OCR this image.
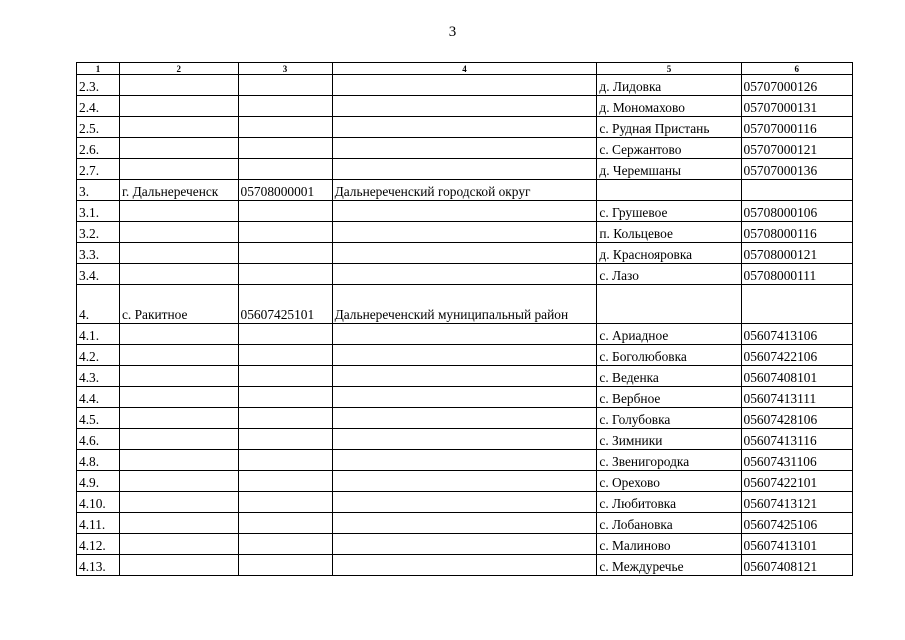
3
1	2	3	4	5	6
2.3.				д. Лидовка	05707000126
2.4.				д. Мономахово	05707000131
2.5.				с. Рудная Пристань	05707000116
2.6.				с. Сержантово	05707000121
2.7.				д. Черемшаны	05707000136
3.	г. Дальнереченск	05708000001	Дальнереченский городской округ		
3.1.				с. Грушевое	05708000106
3.2.				п. Кольцевое	05708000116
3.3.				д. Краснояровка	05708000121
3.4.				с. Лазо	05708000111
4.	с. Ракитное	05607425101	Дальнереченский муниципальный район		
4.1.				с. Ариадное	05607413106
4.2.				с. Боголюбовка	05607422106
4.3.				с. Веденка	05607408101
4.4.				с. Вербное	05607413111
4.5.				с. Голубовка	05607428106
4.6.				с. Зимники	05607413116
4.8.				с. Звенигородка	05607431106
4.9.				с. Орехово	05607422101
4.10.				с. Любитовка	05607413121
4.11.				с. Лобановка	05607425106
4.12.				с. Малиново	05607413101
4.13.				с. Междуречье	05607408121
